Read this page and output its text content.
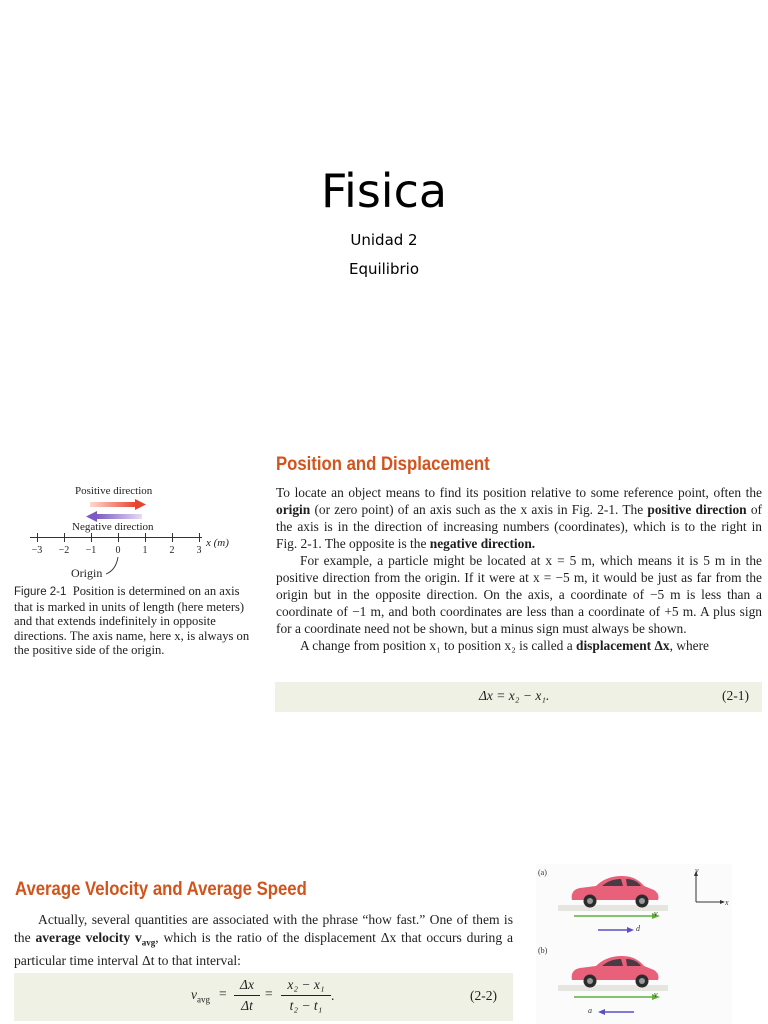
Fisica
Unidad 2
Equilibrio
Positive direction
Negative direction
−3	−2	−1	0	1	2	3
x (m)
Origin
Figure 2-1 Position is determined on an axis that is marked in units of length (here meters) and that extends indefinitely in opposite directions. The axis name, here x, is always on the positive side of the origin.
Position and Displacement

To locate an object means to find its position relative to some reference point, often the origin (or zero point) of an axis such as the x axis in Fig. 2-1. The positive direction of the axis is in the direction of increasing numbers (coordinates), which is to the right in Fig. 2-1. The opposite is the negative direction.

For example, a particle might be located at x = 5 m, which means it is 5 m in the positive direction from the origin. If it were at x = −5 m, it would be just as far from the origin but in the opposite direction. On the axis, a coordinate of −5 m is less than a coordinate of −1 m, and both coordinates are less than a coordinate of +5 m. A plus sign for a coordinate need not be shown, but a minus sign must always be shown.

A change from position x₁ to position x₂ is called a displacement Δx, where

Δx = x₂ − x₁.	(2-1)
Average Velocity and Average Speed

Actually, several quantities are associated with the phrase “how fast.” One of them is the average velocity $v_{avg}$, which is the ratio of the displacement Δx that occurs during a particular time interval Δt to that interval:

$v_{avg}$ =
Δx
Δt
=
x₂ − x₁
t₂ − t₁
.	(2-2)
(a)
(b)
y
x
v
d
v
a
